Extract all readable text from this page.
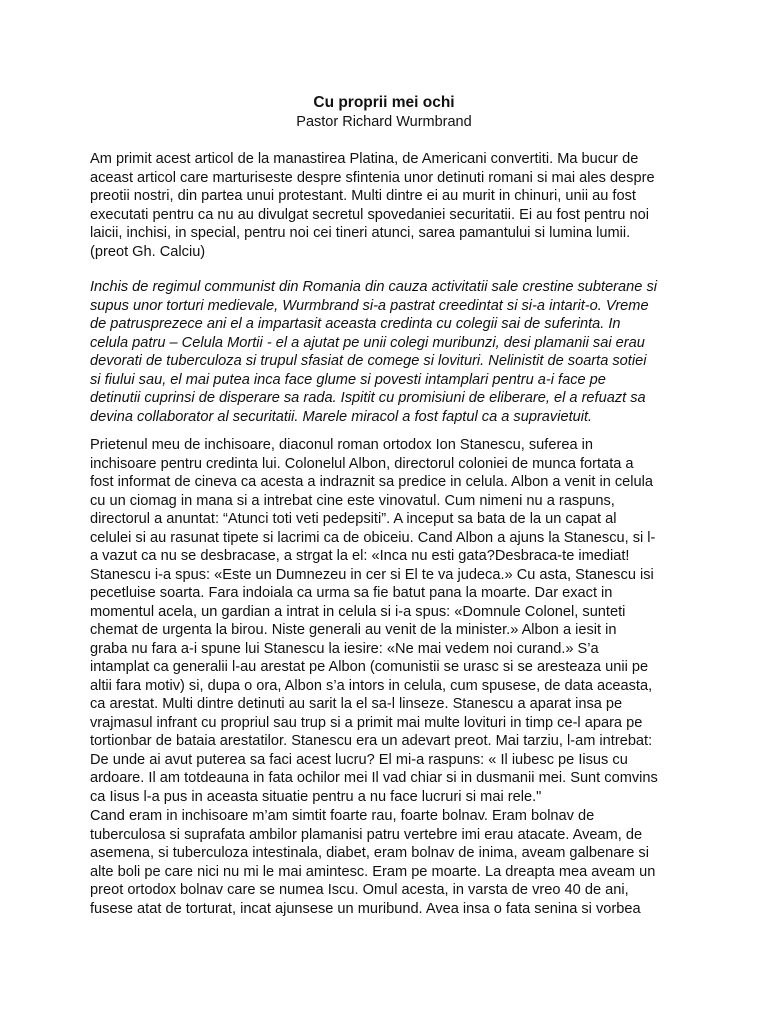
Cu proprii mei ochi
Pastor Richard Wurmbrand
Am primit acest articol de la manastirea Platina, de Americani convertiti. Ma bucur de
aceast articol care marturiseste despre sfintenia unor detinuti romani si mai ales despre
preotii nostri, din partea unui protestant. Multi dintre ei au murit in chinuri, unii au fost
executati pentru ca nu au divulgat secretul spovedaniei securitatii. Ei au fost pentru noi
laicii, inchisi, in special, pentru noi cei tineri atunci, sarea pamantului si lumina lumii.
(preot Gh. Calciu)
Inchis de regimul communist din Romania din cauza activitatii sale crestine subterane si
supus unor torturi medievale, Wurmbrand si-a pastrat creedintat si si-a intarit-o. Vreme
de patrusprezece ani el a impartasit aceasta credinta cu colegii sai de suferinta. In
celula patru – Celula Mortii - el a ajutat pe unii colegi muribunzi, desi plamanii sai erau
devorati de tuberculoza si trupul sfasiat de comege si lovituri. Nelinistit de soarta sotiei
si fiului sau, el mai putea inca face glume si povesti intamplari pentru a-i face pe
detinutii cuprinsi de disperare sa rada. Ispitit cu promisiuni de eliberare, el a refuazt sa
devina collaborator al securitatii. Marele miracol a fost faptul ca a supravietuit.
Prietenul meu de inchisoare, diaconul roman ortodox Ion Stanescu, suferea in
inchisoare pentru credinta lui. Colonelul Albon, directorul coloniei de munca fortata a
fost informat de cineva ca acesta a indraznit sa predice in celula. Albon a venit in celula
cu un ciomag in mana si a intrebat cine este vinovatul. Cum nimeni nu a raspuns,
directorul a anuntat: “Atunci toti veti pedepsiti”. A inceput sa bata de la un capat al
celulei si au rasunat tipete si lacrimi ca de obiceiu. Cand Albon a ajuns la Stanescu, si l-
a vazut ca nu se desbracase, a strgat la el: «Inca nu esti gata?Desbraca-te imediat!
Stanescu i-a spus: «Este un Dumnezeu in cer si El te va judeca.» Cu asta, Stanescu isi
pecetluise soarta. Fara indoiala ca urma sa fie batut pana la moarte. Dar exact in
momentul acela, un gardian a intrat in celula si i-a spus: «Domnule Colonel, sunteti
chemat de urgenta la birou. Niste generali au venit de la minister.» Albon a iesit in
graba nu fara a-i spune lui Stanescu la iesire: «Ne mai vedem noi curand.» S’a
intamplat ca generalii l-au arestat pe Albon (comunistii se urasc si se aresteaza unii pe
altii fara motiv) si, dupa o ora, Albon s’a intors in celula, cum spusese, de data aceasta,
ca arestat. Multi dintre detinuti au sarit la el sa-l linseze. Stanescu a aparat insa pe
vrajmasul infrant cu propriul sau trup si a primit mai multe lovituri in timp ce-l apara pe
tortionbar de bataia arestatilor. Stanescu era un adevart preot. Mai tarziu, l-am intrebat:
De unde ai avut puterea sa faci acest lucru? El mi-a raspuns: « Il iubesc pe Iisus cu
ardoare. Il am totdeauna in fata ochilor mei Il vad chiar si in dusmanii mei. Sunt comvins
ca Iisus l-a pus in aceasta situatie pentru a nu face lucruri si mai rele."
Cand eram in inchisoare m’am simtit foarte rau, foarte bolnav. Eram bolnav de
tuberculosa si suprafata ambilor plamanisi patru vertebre imi erau atacate. Aveam, de
asemena, si tuberculoza intestinala, diabet, eram bolnav de inima, aveam galbenare si
alte boli pe care nici nu mi le mai amintesc. Eram pe moarte. La dreapta mea aveam un
preot ortodox bolnav care se numea Iscu. Omul acesta, in varsta de vreo 40 de ani,
fusese atat de torturat, incat ajunsese un muribund. Avea insa o fata senina si vorbea
